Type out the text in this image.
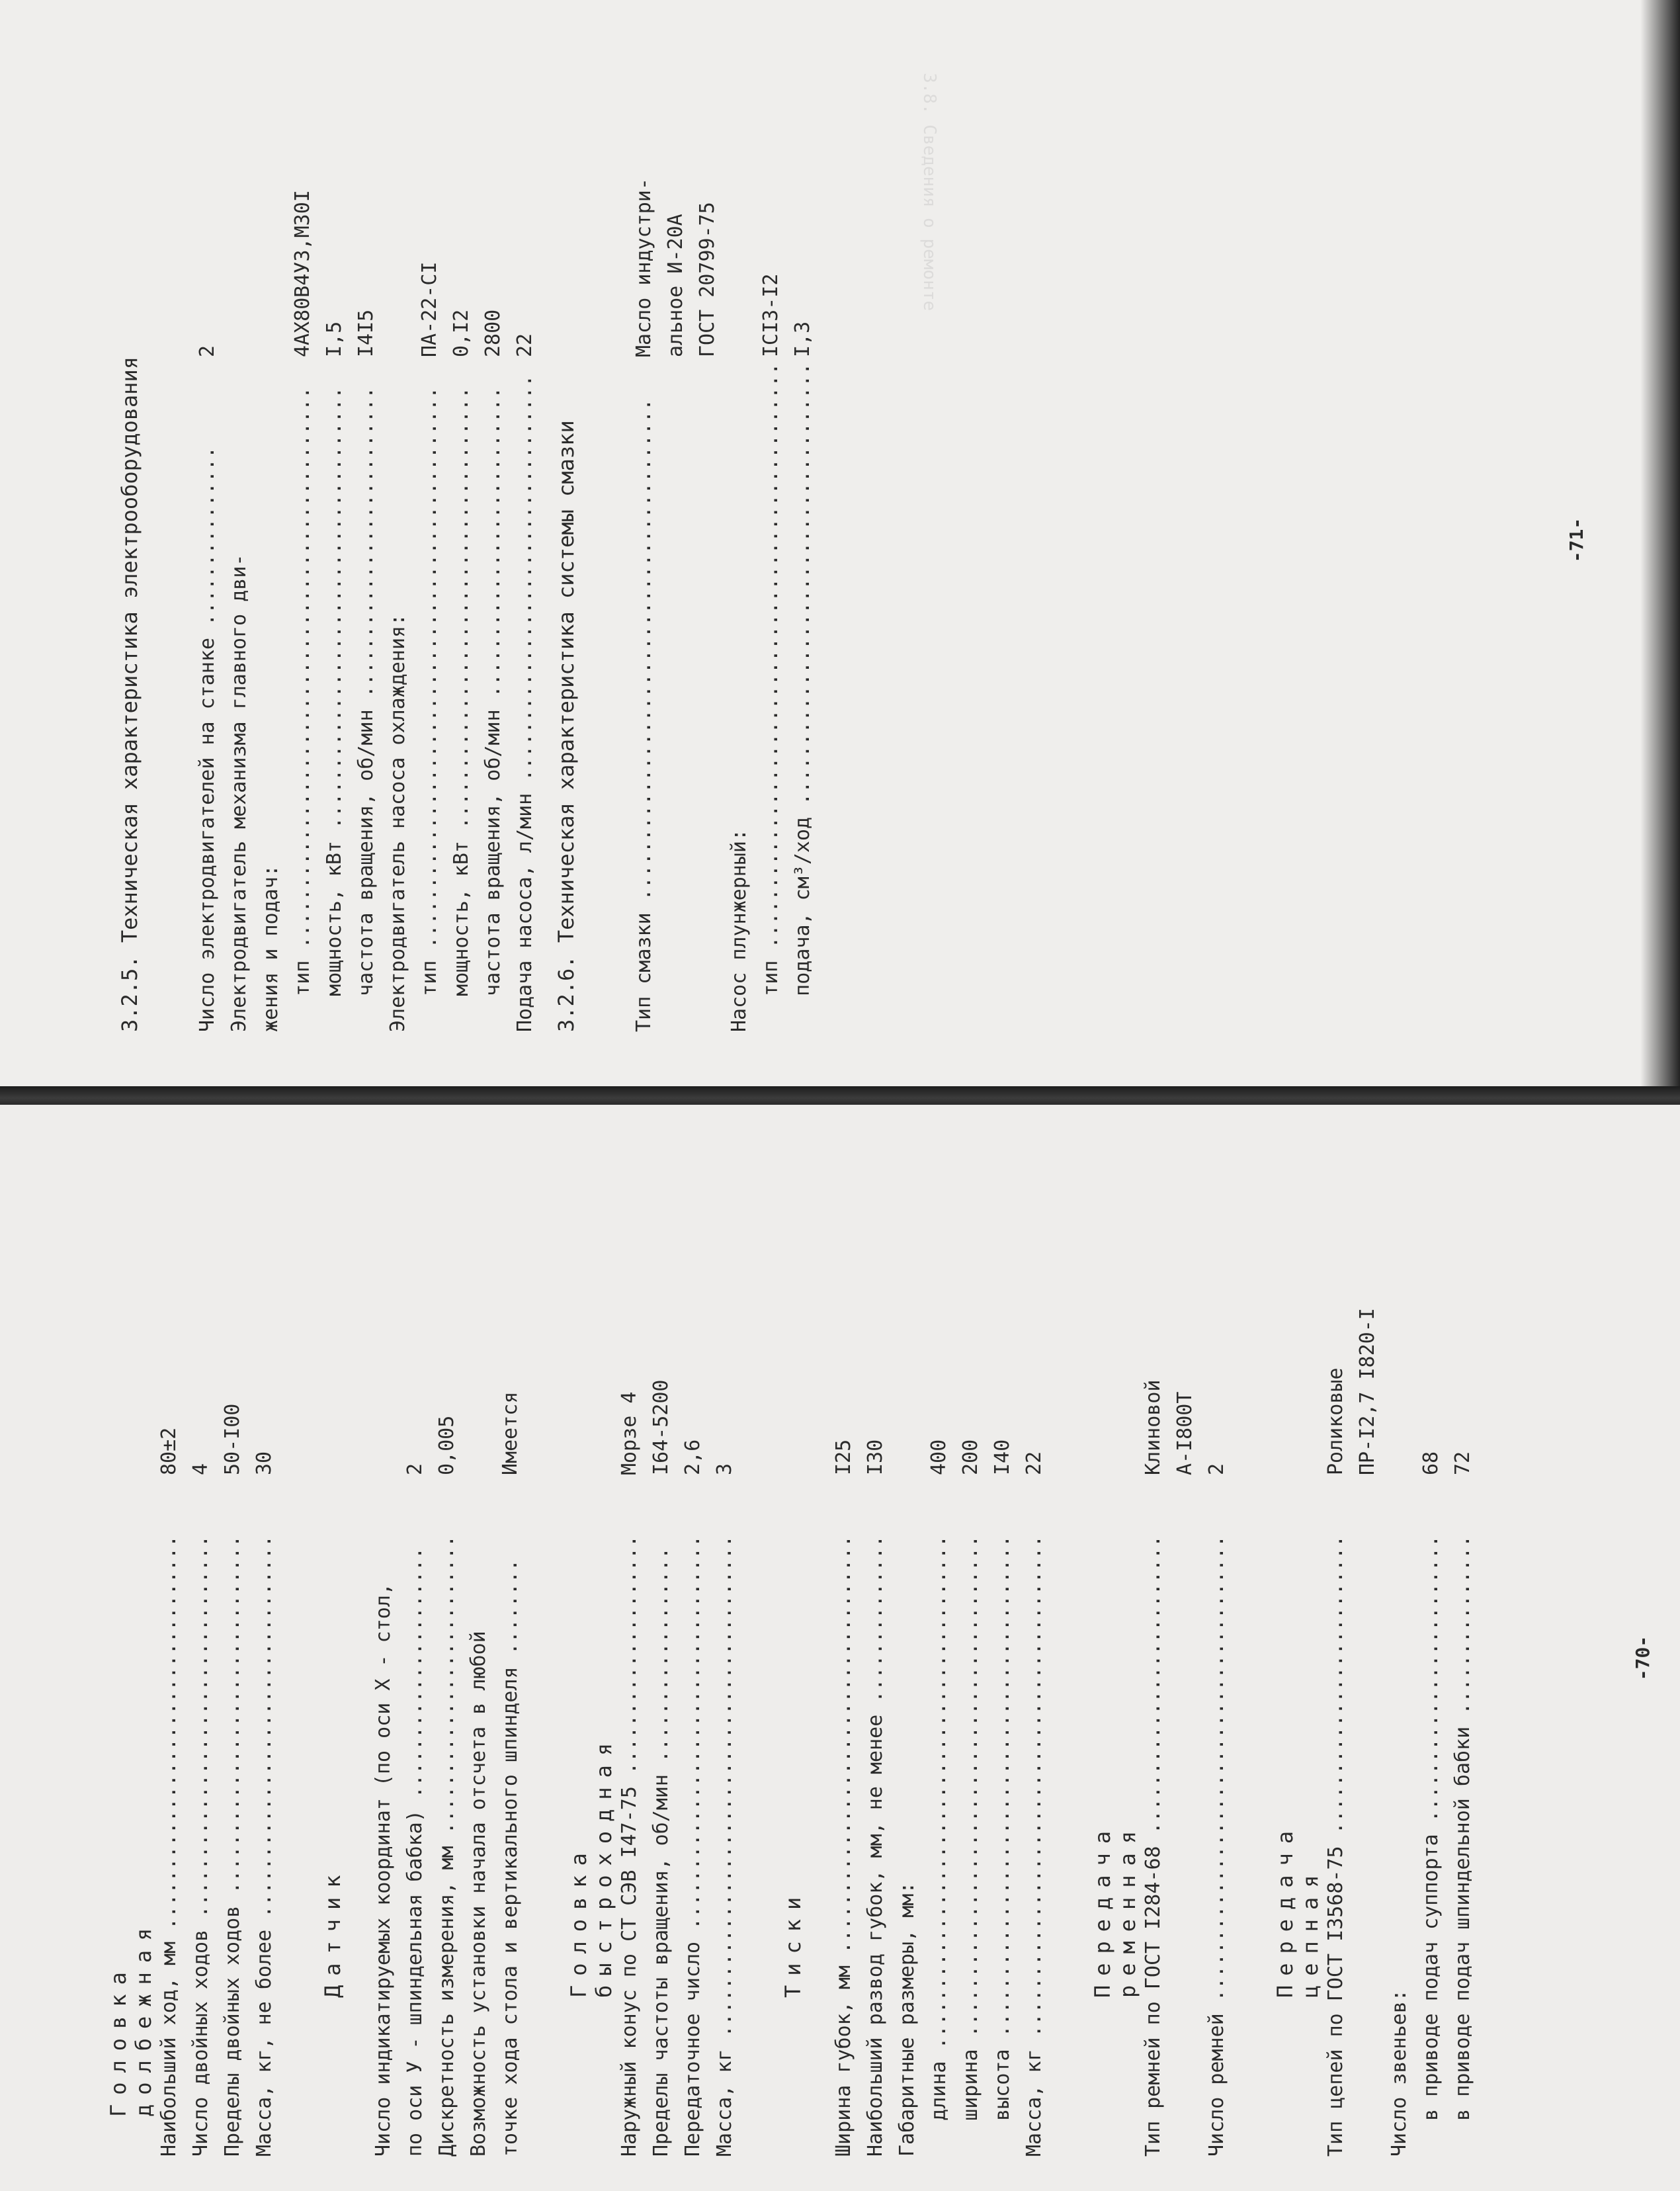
3.8. Сведения о ремонте
3.2.5. Техническая характеристика электрооборудования	Число электродвигателей на станке ...............
2
Электродвигатель механизма главного дви- жения и подач: тип ...............................................
4АХ80В4У3,М30I
мощность, кВт .....................................
I,5
частота вращения, об/мин ..........................
I4I5
Электродвигатель насоса охлаждения: тип ...............................................
ПА-22-СI
мощность, кВт .....................................
0,I2
частота вращения, об/мин ..........................
2800
Подача насоса, л/мин ..................................
22
3.2.6. Техническая характеристика системы смазки	Тип смазки ..........................................
Масло индустри- альное И-20А ГОСТ 20799-75
Насос плунжерный: тип .................................................
IСI3-I2
подача, см³/ход .....................................
I,3
-71-
Головка долбежная Наибольший ход, мм .................................
80±2
Число двойных ходов ................................
4
Пределы двойных ходов ..............................
50-I00
Масса, кг, не более ................................
30
Датчик Число индикатируемых координат (по оси Х - стол, по оси У - шпиндельная бабка) .....................
2
Дискретность измерения, мм .........................
0,005
Возможность установки начала отсчета в любой точке хода стола и вертикального шпинделя ........
Имеется
Головка быстроходная Наружный конус по СТ СЭВ I47-75 ....................
Морзе 4
Пределы частоты вращения, об/мин ..................
I64-5200
Передаточное число .................................
2,6
Масса, кг ..........................................
3
Тиски Ширина губок, мм ...................................
I25
Наибольший развод губок, мм, не менее ..............
I30
Габаритные размеры, мм: длина ...........................................
400
ширина ..........................................
200
высота ..........................................
I40
Масса, кг ..........................................
22
Передача ременная Тип ремней по ГОСТ I284-68 .........................
Клиновой А-I800Т
Число ремней .......................................
2
Передача цепная Тип цепей по ГОСТ I3568-75 .........................
Роликовые ПР-I2,7 I820-I
Число звеньев: в приводе подач суппорта ........................
68
в приводе подач шпиндельной бабки ...............
72
-70-
